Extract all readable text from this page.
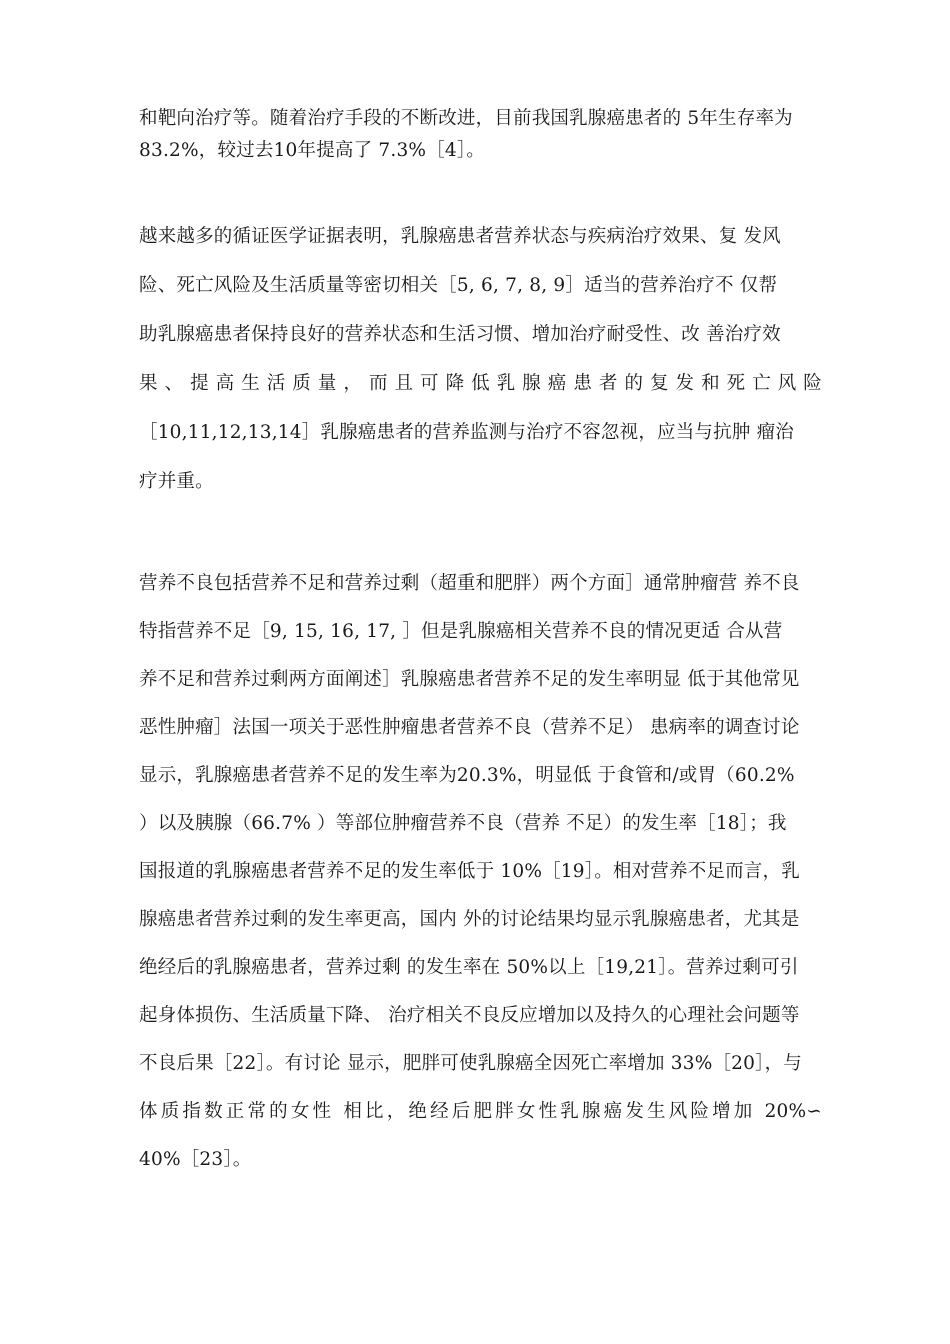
和靶向治疗等。随着治疗手段的不断改进，目前我国乳腺癌患者的 5年生存率为
83.2%，较过去10年提高了 7.3%［4］。
越来越多的循证医学证据表明，乳腺癌患者营养状态与疾病治疗效果、复 发风
险、死亡风险及生活质量等密切相关［5, 6, 7, 8, 9］适当的营养治疗不 仅帮
助乳腺癌患者保持良好的营养状态和生活习惯、增加治疗耐受性、改 善治疗效
果、提高生活质量，而且可降低乳腺癌患者的复发和死亡风险
［10,11,12,13,14］乳腺癌患者的营养监测与治疗不容忽视，应当与抗肿 瘤治
疗并重。
营养不良包括营养不足和营养过剩（超重和肥胖）两个方面］通常肿瘤营 养不良
特指营养不足［9, 15, 16, 17, ］但是乳腺癌相关营养不良的情况更适 合从营
养不足和营养过剩两方面阐述］乳腺癌患者营养不足的发生率明显 低于其他常见
恶性肿瘤］法国一项关于恶性肿瘤患者营养不良（营养不足） 患病率的调查讨论
显示，乳腺癌患者营养不足的发生率为20.3%，明显低 于食管和/或胃（60.2%
）以及胰腺（66.7% ）等部位肿瘤营养不良（营养 不足）的发生率［18］；我
国报道的乳腺癌患者营养不足的发生率低于 10%［19］。相对营养不足而言，乳
腺癌患者营养过剩的发生率更高，国内 外的讨论结果均显示乳腺癌患者，尤其是
绝经后的乳腺癌患者，营养过剩 的发生率在 50%以上［19,21］。营养过剩可引
起身体损伤、生活质量下降、 治疗相关不良反应增加以及持久的心理社会问题等
不良后果［22］。有讨论 显示，肥胖可使乳腺癌全因死亡率增加 33%［20］，与
体质指数正常的女性 相比，绝经后肥胖女性乳腺癌发生风险增加 20%∽
40%［23］。
